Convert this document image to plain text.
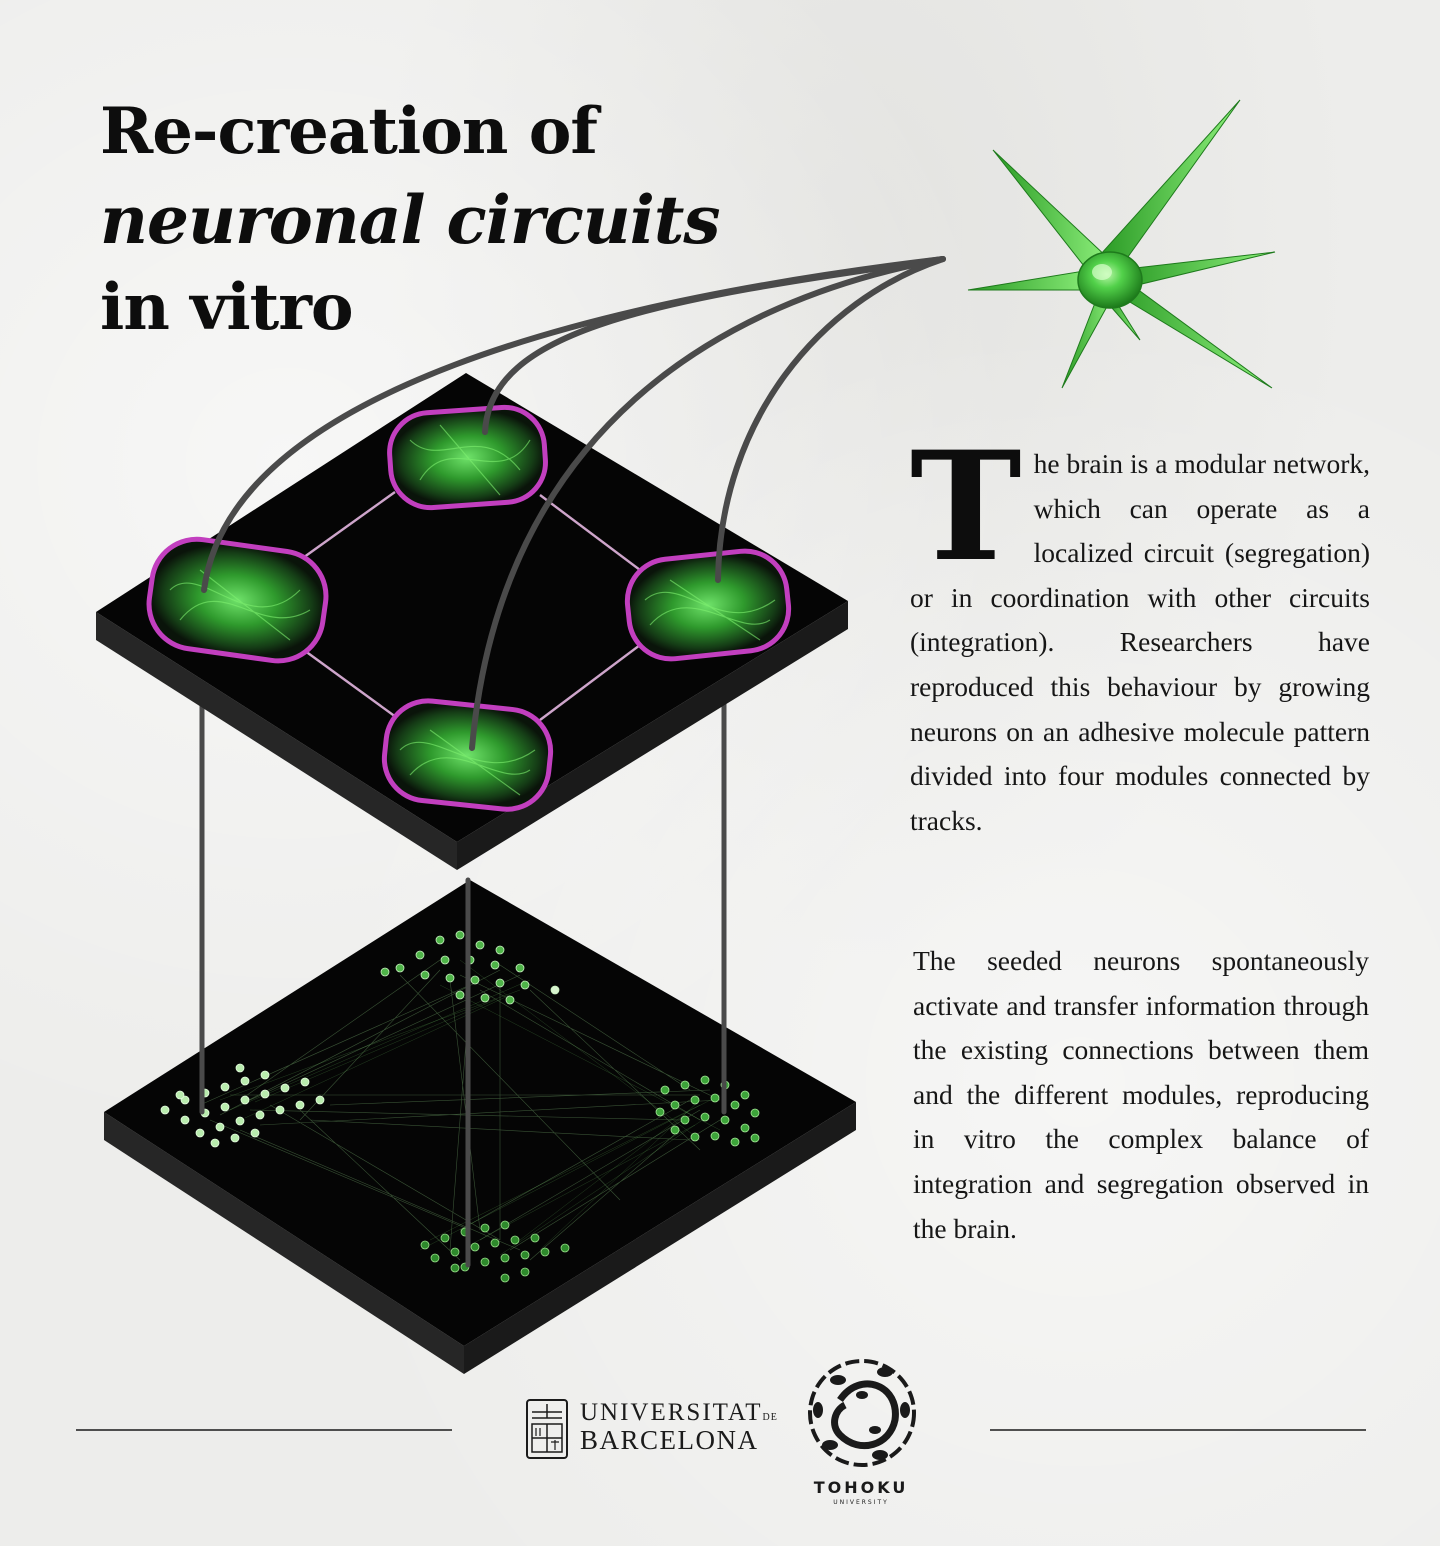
Re-creation of
neuronal circuits
in vitro
T he brain is a modular network, which can operate as a localized circuit (segregation) or in coordination with other circuits (integration). Researchers have reproduced this behaviour by growing neurons on an adhesive molecule pattern divided into four modules connected by tracks.

The seeded neurons spontaneously activate and transfer information through the existing connections between them and the different modules, reproducing in vitro the complex balance of integration and segregation observed in the brain.

UNIVERSITATDE
BARCELONA
TOHOKU
UNIVERSITY
